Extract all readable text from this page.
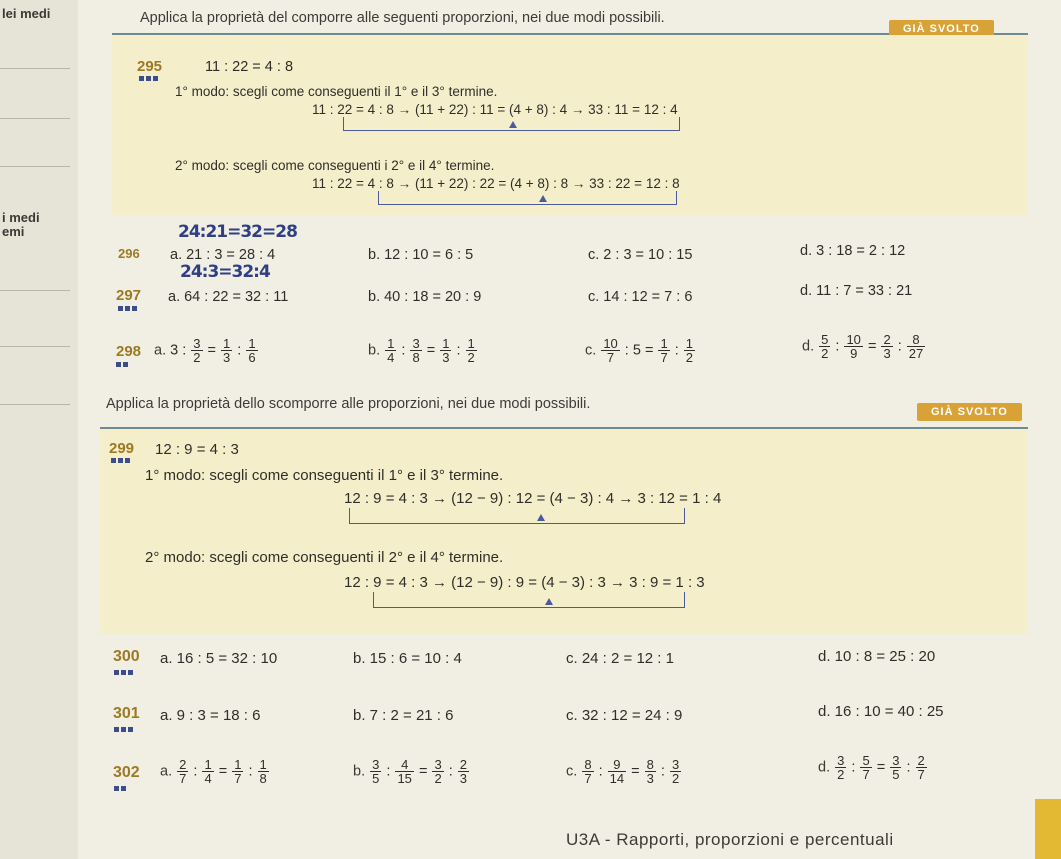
lei medi
i medi
emi
Applica la proprietà del comporre alle seguenti proporzioni, nei due modi possibili.
GIÀ SVOLTO
295	11 : 22 = 4 : 8
1° modo: scegli come conseguenti il 1° e il 3° termine.
11 : 22 = 4 : 8 → (11 + 22) : 11 = (4 + 8) : 4 → 33 : 11 = 12 : 4
2° modo: scegli come conseguenti i 2° e il 4° termine.
11 : 22 = 4 : 8 → (11 + 22) : 22 = (4 + 8) : 8 → 33 : 22 = 12 : 8
24:21=32=28
24:3=32:4
296 a. 21 : 3 = 28 : 4	b. 12 : 10 = 6 : 5	c. 2 : 3 = 10 : 15	d. 3 : 18 = 2 : 12
297 a. 64 : 22 = 32 : 11	b. 40 : 18 = 20 : 9	c. 14 : 12 = 7 : 6	d. 11 : 7 = 33 : 21
298 a. 3 : $\frac{3}{2} = \frac{1}{3}$ : $\frac{1}{6}$	b. $\frac{1}{4}$ : $\frac{3}{8} = \frac{1}{3}$ : $\frac{1}{2}$	c. $\frac{10}{7}$ : $5 = \frac{1}{7}$ : $\frac{1}{2}$	d. $\frac{5}{2}$ : $\frac{10}{9} = \frac{2}{3}$ : $\frac{8}{27}$
Applica la proprietà dello scomporre alle proporzioni, nei due modi possibili.	GIÀ SVOLTO
299 12 : 9 = 4 : 3
1° modo: scegli come conseguenti il 1° e il 3° termine.
12 : 9 = 4 : 3 → (12 − 9) : 12 = (4 − 3) : 4 → 3 : 12 = 1 : 4
2° modo: scegli come conseguenti il 2° e il 4° termine.
12 : 9 = 4 : 3 → (12 − 9) : 9 = (4 − 3) : 3 → 3 : 9 = 1 : 3
300 a. 16 : 5 = 32 : 10	b. 15 : 6 = 10 : 4	c. 24 : 2 = 12 : 1	d. 10 : 8 = 25 : 20
301 a. 9 : 3 = 18 : 6	b. 7 : 2 = 21 : 6	c. 32 : 12 = 24 : 9	d. 16 : 10 = 40 : 25
302 a. $\frac{2}{7}$ : $\frac{1}{4} = \frac{1}{7}$ : $\frac{1}{8}$	b. $\frac{3}{5}$ : $\frac{4}{15} = \frac{3}{2}$ : $\frac{2}{3}$	c. $\frac{8}{7}$ : $\frac{9}{14} = \frac{8}{3}$ : $\frac{3}{2}$	d. $\frac{3}{2}$ : $\frac{5}{7} = \frac{3}{5}$ : $\frac{2}{7}$
U3A - Rapporti, proporzioni e percentuali
